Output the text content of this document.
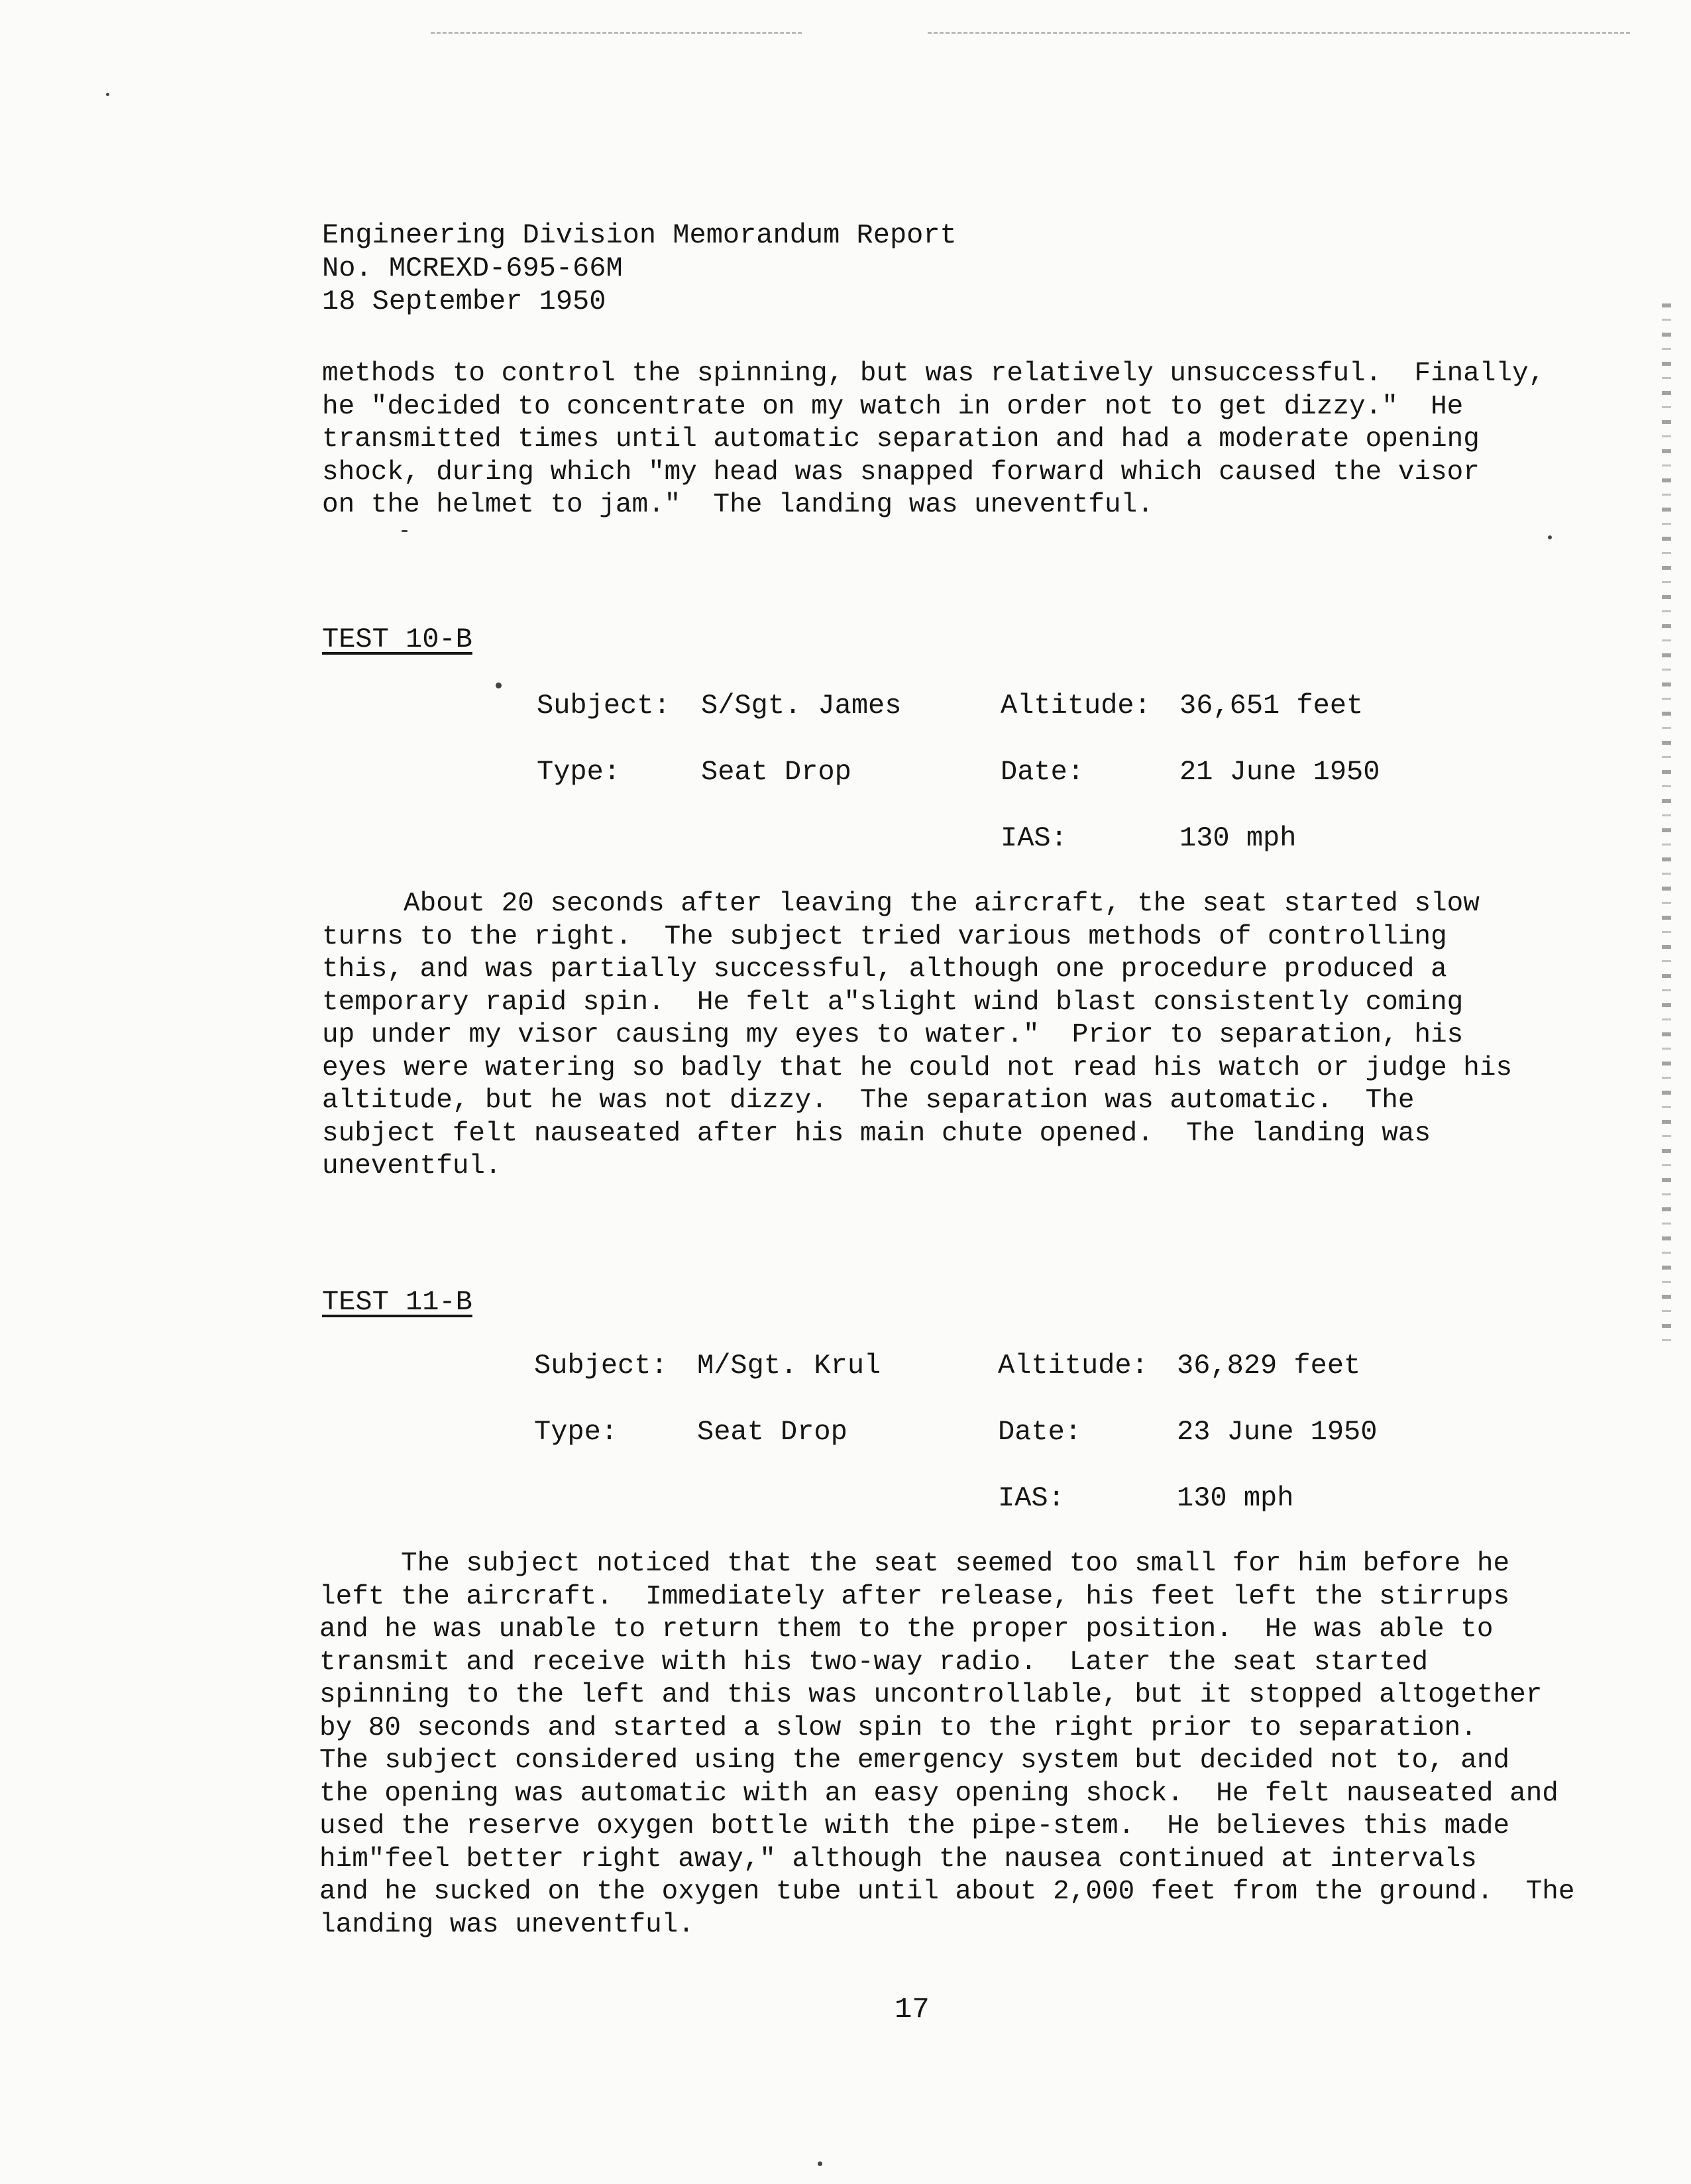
Engineering Division Memorandum Report
No. MCREXD-695-66M
18 September 1950
methods to control the spinning, but was relatively unsuccessful.  Finally,
he "decided to concentrate on my watch in order not to get dizzy."  He
transmitted times until automatic separation and had a moderate opening
shock, during which "my head was snapped forward which caused the visor
on the helmet to jam."  The landing was uneventful.
TEST 10-B
Subject: S/Sgt. James	Altitude: 36,651 feet
Type:	Seat Drop	Date:	21 June 1950
IAS:	130 mph
About 20 seconds after leaving the aircraft, the seat started slow
turns to the right.  The subject tried various methods of controlling
this, and was partially successful, although one procedure produced a
temporary rapid spin.  He felt a"slight wind blast consistently coming
up under my visor causing my eyes to water."  Prior to separation, his
eyes were watering so badly that he could not read his watch or judge his
altitude, but he was not dizzy.  The separation was automatic.  The
subject felt nauseated after his main chute opened.  The landing was
uneventful.
TEST 11-B
Subject: M/Sgt. Krul	Altitude: 36,829 feet
Type:	Seat Drop	Date:	23 June 1950
IAS:	130 mph
The subject noticed that the seat seemed too small for him before he
left the aircraft.  Immediately after release, his feet left the stirrups
and he was unable to return them to the proper position.  He was able to
transmit and receive with his two-way radio.  Later the seat started
spinning to the left and this was uncontrollable, but it stopped altogether
by 80 seconds and started a slow spin to the right prior to separation.
The subject considered using the emergency system but decided not to, and
the opening was automatic with an easy opening shock.  He felt nauseated and
used the reserve oxygen bottle with the pipe-stem.  He believes this made
him"feel better right away," although the nausea continued at intervals
and he sucked on the oxygen tube until about 2,000 feet from the ground.  The
landing was uneventful.
17
